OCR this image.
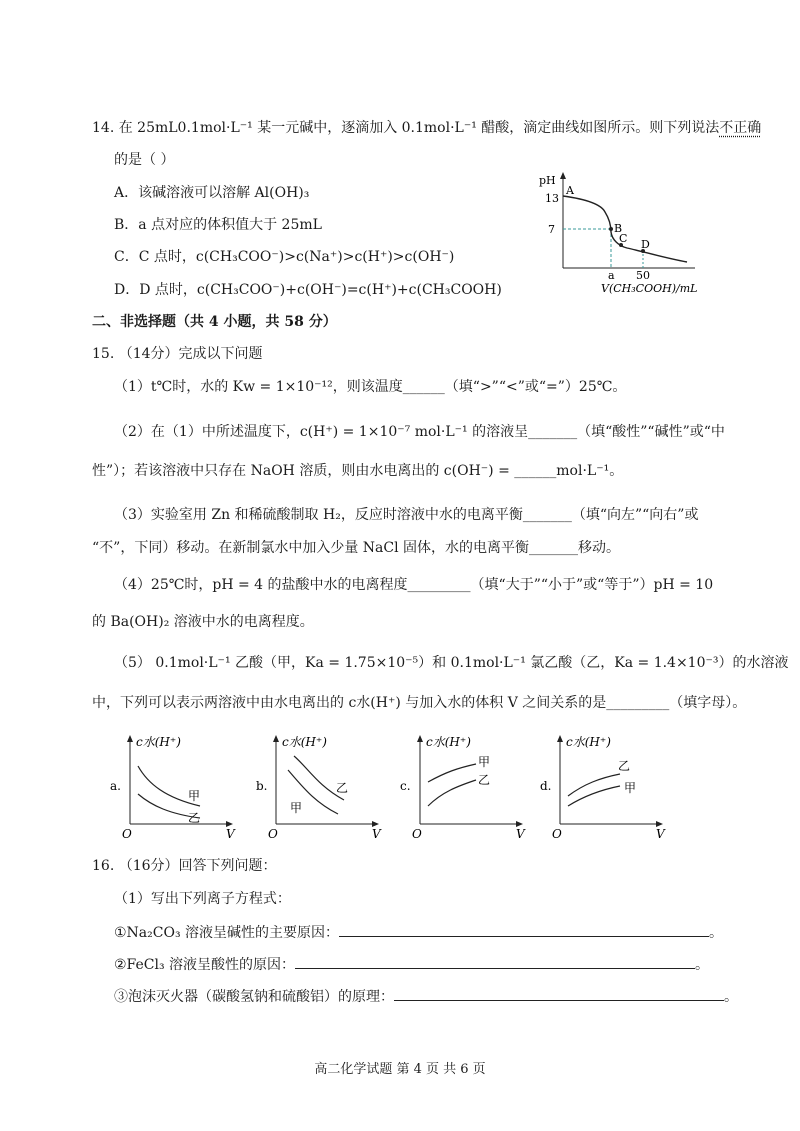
14. 在 25mL0.1mol·L⁻¹ 某一元碱中，逐滴加入 0.1mol·L⁻¹ 醋酸，滴定曲线如图所示。则下列说法不正确
的是（ ）
A．该碱溶液可以溶解 Al(OH)₃
B．a 点对应的体积值大于 25mL
C．C 点时，c(CH₃COO⁻)>c(Na⁺)>c(H⁺)>c(OH⁻)
D．D 点时，c(CH₃COO⁻)+c(OH⁻)=c(H⁺)+c(CH₃COOH)
pH
13
7
A
B
C D
a 50
V(CH₃COOH)/mL
二、非选择题（共 4 小题，共 58 分）
15. （14分）完成以下问题
（1）t℃时，水的 Kw = 1×10⁻¹²，则该温度______（填“>”“<”或“=”）25℃。
（2）在（1）中所述温度下，c(H⁺) = 1×10⁻⁷ mol·L⁻¹ 的溶液呈_______（填“酸性”“碱性”或“中
性”）；若该溶液中只存在 NaOH 溶质，则由水电离出的 c(OH⁻) = ______mol·L⁻¹。
（3）实验室用 Zn 和稀硫酸制取 H₂，反应时溶液中水的电离平衡_______（填“向左”“向右”或
“不”，下同）移动。在新制氯水中加入少量 NaCl 固体，水的电离平衡_______移动。
（4）25℃时，pH = 4 的盐酸中水的电离程度_________（填“大于”“小于”或“等于”）pH = 10
的 Ba(OH)₂ 溶液中水的电离程度。
（5） 0.1mol·L⁻¹ 乙酸（甲，Ka = 1.75×10⁻⁵）和 0.1mol·L⁻¹ 氯乙酸（乙，Ka = 1.4×10⁻³）的水溶液
中，下列可以表示两溶液中由水电离出的 c水(H⁺) 与加入水的体积 V 之间关系的是_________（填字母）。
c水(H⁺)
a.
甲
乙
O	V
c水(H⁺)
b.	乙
甲
O	V
c水(H⁺)
c.
甲
乙
O	V
c水(H⁺)
d.
乙
甲
O	V
16. （16分）回答下列问题：
（1）写出下列离子方程式：
①Na₂CO₃ 溶液呈碱性的主要原因：	。
②FeCl₃ 溶液呈酸性的原因：	。
③泡沫灭火器（碳酸氢钠和硫酸铝）的原理：	。
高二化学试题 第 4 页 共 6 页
